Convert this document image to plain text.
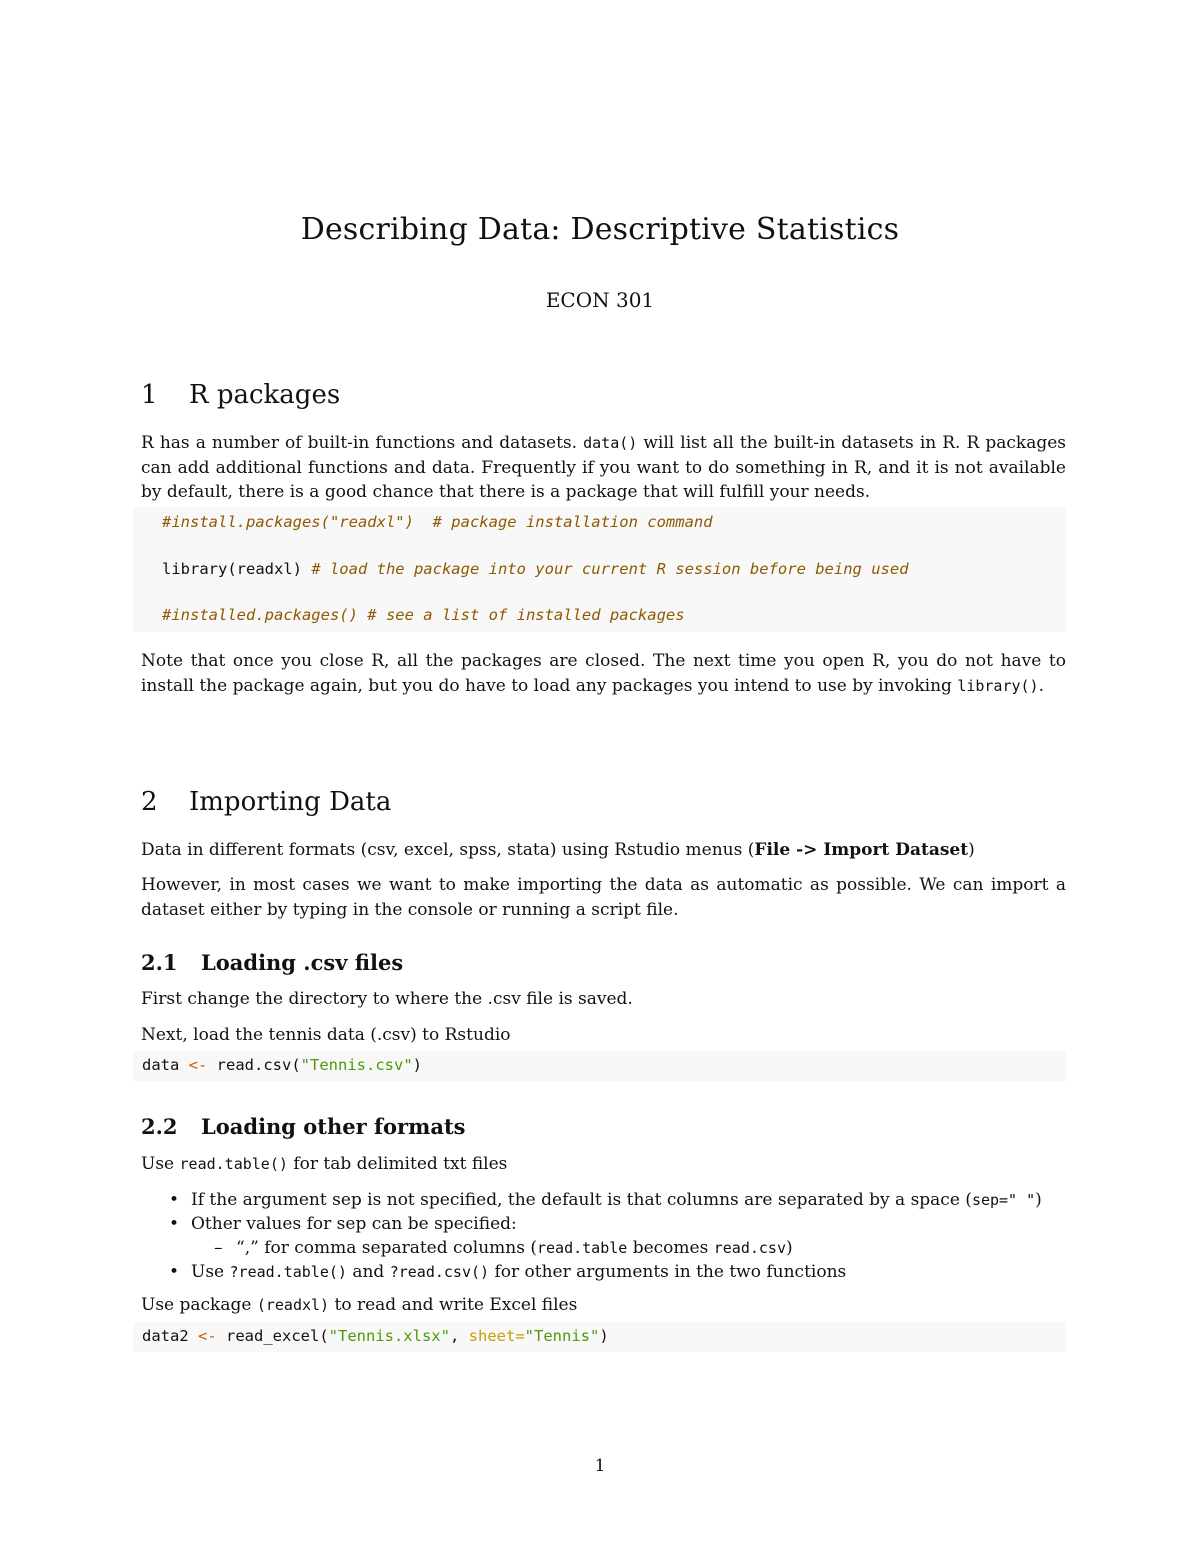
Describing Data: Descriptive Statistics
ECON 301
1 R packages
R has a number of built-in functions and datasets. data() will list all the built-in datasets in R. R packages can add additional functions and data. Frequently if you want to do something in R, and it is not available by default, there is a good chance that there is a package that will fulfill your needs.
#install.packages("readxl")  # package installation command
library(readxl) # load the package into your current R session before being used
#installed.packages() # see a list of installed packages
Note that once you close R, all the packages are closed. The next time you open R, you do not have to install the package again, but you do have to load any packages you intend to use by invoking library().
2 Importing Data
Data in different formats (csv, excel, spss, stata) using Rstudio menus (File -> Import Dataset)
However, in most cases we want to make importing the data as automatic as possible. We can import a dataset either by typing in the console or running a script file.
2.1 Loading .csv files
First change the directory to where the .csv file is saved.
Next, load the tennis data (.csv) to Rstudio
data <- read.csv("Tennis.csv")
2.2 Loading other formats
Use read.table() for tab delimited txt files
• If the argument sep is not specified, the default is that columns are separated by a space (sep=" ")
• Other values for sep can be specified:
– “,” for comma separated columns (read.table becomes read.csv)
• Use ?read.table() and ?read.csv() for other arguments in the two functions
Use package (readxl) to read and write Excel files
data2 <- read_excel("Tennis.xlsx", sheet="Tennis")
1
